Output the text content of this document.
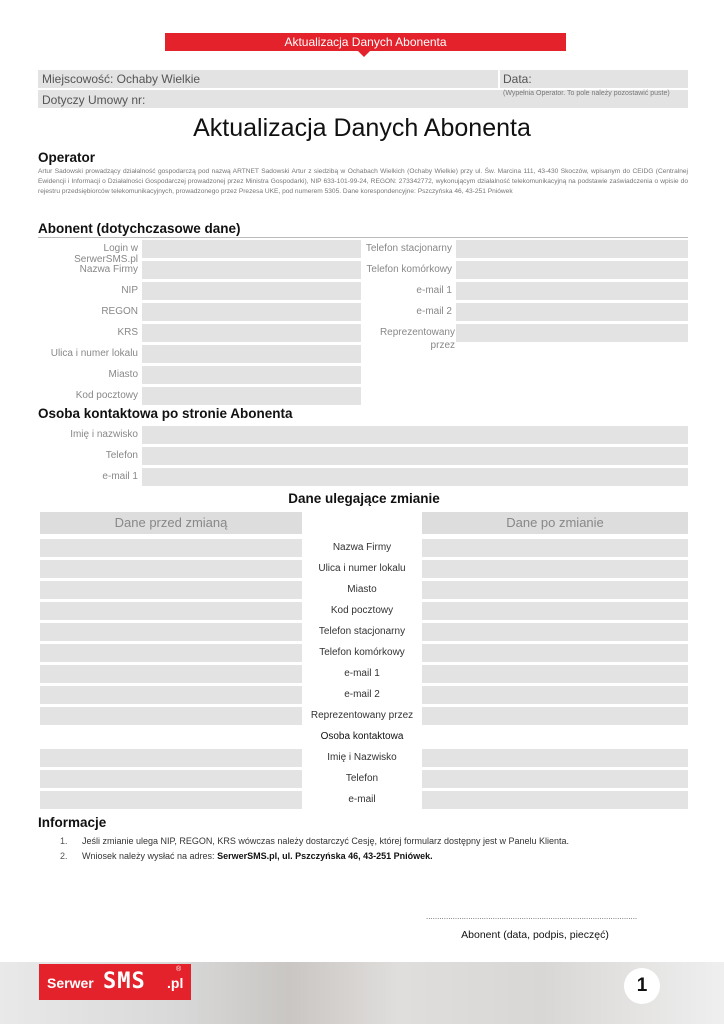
Aktualizacja Danych Abonenta
Miejscowość: Ochaby Wielkie	Data:
Dotyczy Umowy nr:	(Wypełnia Operator. To pole należy pozostawić puste)
Aktualizacja Danych Abonenta
Operator
Artur Sadowski prowadzący działalność gospodarczą pod nazwą ARTNET Sadowski Artur z siedzibą w Ochabach Wielkich (Ochaby Wielkie) przy ul. Św. Marcina 111, 43-430 Skoczów, wpisanym do CEIDG (Centralnej Ewidencji i Informacji o Działalności Gospodarczej prowadzonej przez Ministra Gospodarki), NIP 633-101-99-24, REGON: 273342772, wykonującym działalność telekomunikacyjną na podstawie zaświadczenia o wpisie do rejestru przedsiębiorców telekomunikacyjnych, prowadzonego przez Prezesa UKE, pod numerem 5305. Dane korespondencyjne: Pszczyńska 46, 43-251 Pniówek
Abonent (dotychczasowe dane)
Login w SerwerSMS.pl
Nazwa Firmy
NIP
REGON
KRS
Ulica i numer lokalu
Miasto
Kod pocztowy
Telefon stacjonarny
Telefon komórkowy
e-mail 1
e-mail 2
Reprezentowany
przez
Osoba kontaktowa po stronie Abonenta
Imię i nazwisko
Telefon
e-mail 1
Dane ulegające zmianie
Dane przed zmianą	Dane po zmianie
Nazwa Firmy
Ulica i numer lokalu
Miasto
Kod pocztowy
Telefon stacjonarny
Telefon komórkowy
e-mail 1
e-mail 2
Reprezentowany przez
Osoba kontaktowa
Imię i Nazwisko
Telefon
e-mail
Informacje
1. Jeśli zmianie ulega NIP, REGON, KRS wówczas należy dostarczyć Cesję, której formularz dostępny jest w Panelu Klienta.
2. Wniosek należy wysłać na adres: SerwerSMS.pl, ul. Pszczyńska 46, 43-251 Pniówek.
...............................................................................................
Abonent (data, podpis, pieczęć)
Serwer SMS .pl
®
1
